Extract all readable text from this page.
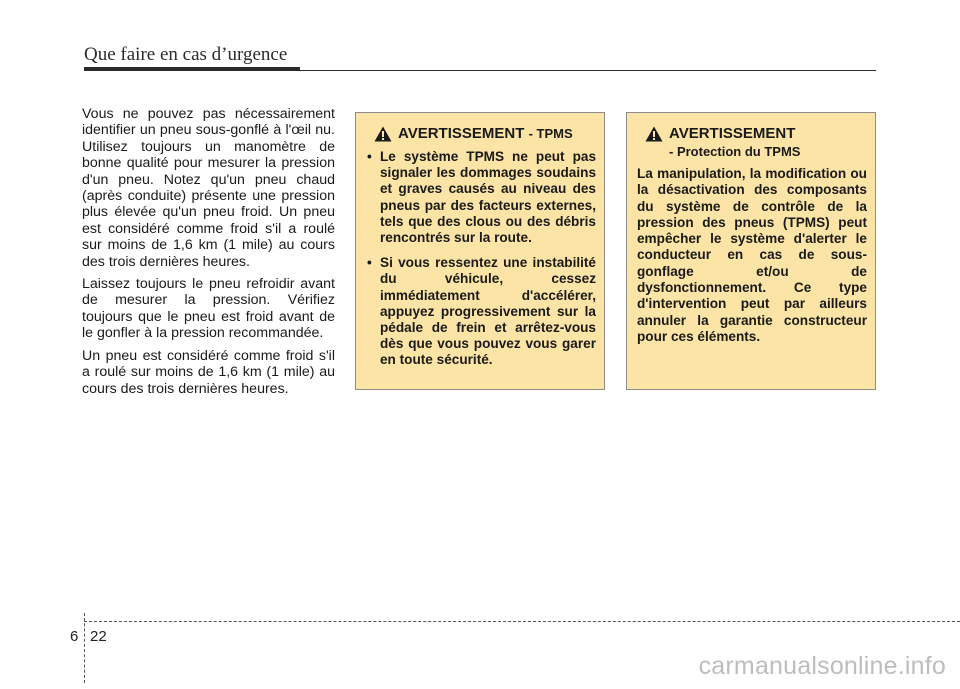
Que faire en cas d’urgence

Vous ne pouvez pas nécessairement identifier un pneu sous-gonflé à l'œil nu. Utilisez toujours un manomètre de bonne qualité pour mesurer la pression d'un pneu. Notez qu'un pneu chaud (après conduite) présente une pression plus élevée qu'un pneu froid. Un pneu est considéré comme froid s'il a roulé sur moins de 1,6 km (1 mile) au cours des trois dernières heures.

Laissez toujours le pneu refroidir avant de mesurer la pression. Vérifiez toujours que le pneu est froid avant de le gonfler à la pression recommandée.

Un pneu est considéré comme froid s'il a roulé sur moins de 1,6 km (1 mile) au cours des trois dernières heures.

AVERTISSEMENT - TPMS
• Le système TPMS ne peut pas signaler les dommages soudains et graves causés au niveau des pneus par des facteurs externes, tels que des clous ou des débris rencontrés sur la route.
• Si vous ressentez une instabilité du véhicule, cessez immédiatement d'accélérer, appuyez progressivement sur la pédale de frein et arrêtez-vous dès que vous pouvez vous garer en toute sécurité.
AVERTISSEMENT
- Protection du TPMS
La manipulation, la modification ou la désactivation des composants du système de contrôle de la pression des pneus (TPMS) peut empêcher le système d'alerter le conducteur en cas de sous-gonflage et/ou de dysfonctionnement. Ce type d'intervention peut par ailleurs annuler la garantie constructeur pour ces éléments.
6 22
carmanualsonline.info
